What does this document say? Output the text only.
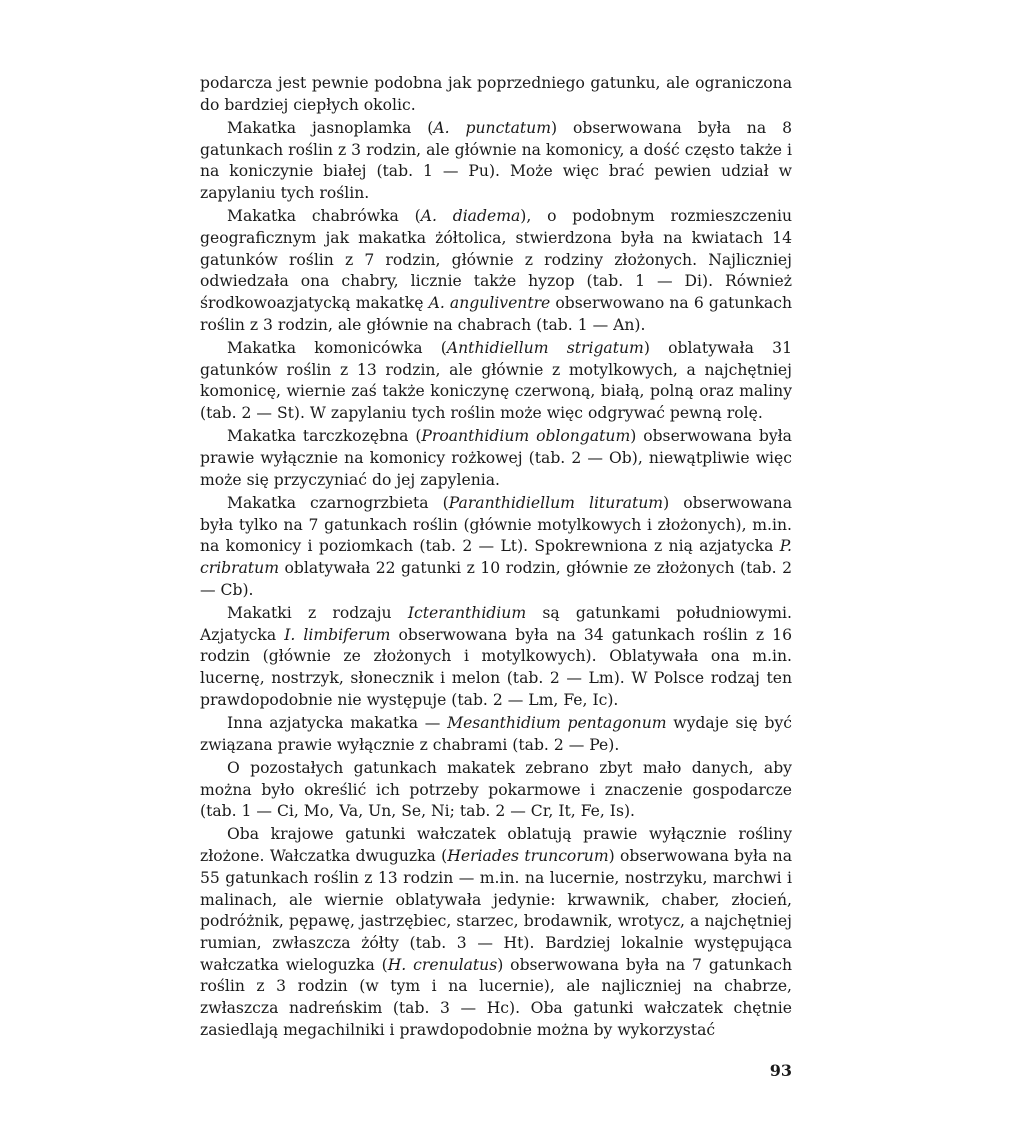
podarcza jest pewnie podobna jak poprzedniego gatunku, ale ograniczona do bardziej ciepłych okolic.

Makatka jasnoplamka (A. punctatum) obserwowana była na 8 gatunkach roślin z 3 rodzin, ale głównie na komonicy, a dość często także i na koniczynie białej (tab. 1 — Pu). Może więc brać pewien udział w zapylaniu tych roślin.

Makatka chabrówka (A. diadema), o podobnym rozmieszczeniu geograficznym jak makatka żółtolica, stwierdzona była na kwiatach 14 gatunków roślin z 7 rodzin, głównie z rodziny złożonych. Najliczniej odwiedzała ona chabry, licznie także hyzop (tab. 1 — Di). Również środkowoazjatycką makatkę A. anguliventre obserwowano na 6 gatunkach roślin z 3 rodzin, ale głównie na chabrach (tab. 1 — An).

Makatka komonicówka (Anthidiellum strigatum) oblatywała 31 gatunków roślin z 13 rodzin, ale głównie z motylkowych, a najchętniej komonicę, wiernie zaś także koniczynę czerwoną, białą, polną oraz maliny (tab. 2 — St). W zapylaniu tych roślin może więc odgrywać pewną rolę.

Makatka tarczkozębna (Proanthidium oblongatum) obserwowana była prawie wyłącznie na komonicy rożkowej (tab. 2 — Ob), niewątpliwie więc może się przyczyniać do jej zapylenia.

Makatka czarnogrzbieta (Paranthidiellum lituratum) obserwowana była tylko na 7 gatunkach roślin (głównie motylkowych i złożonych), m.in. na komonicy i poziomkach (tab. 2 — Lt). Spokrewniona z nią azjatycka P. cribratum oblatywała 22 gatunki z 10 rodzin, głównie ze złożonych (tab. 2 — Cb).

Makatki z rodzaju Icteranthidium są gatunkami południowymi. Azjatycka I. limbiferum obserwowana była na 34 gatunkach roślin z 16 rodzin (głównie ze złożonych i motylkowych). Oblatywała ona m.in. lucernę, nostrzyk, słonecznik i melon (tab. 2 — Lm). W Polsce rodzaj ten prawdopodobnie nie występuje (tab. 2 — Lm, Fe, Ic).

Inna azjatycka makatka — Mesanthidium pentagonum wydaje się być związana prawie wyłącznie z chabrami (tab. 2 — Pe).

O pozostałych gatunkach makatek zebrano zbyt mało danych, aby można było określić ich potrzeby pokarmowe i znaczenie gospodarcze (tab. 1 — Ci, Mo, Va, Un, Se, Ni; tab. 2 — Cr, It, Fe, Is).

Oba krajowe gatunki wałczatek oblatują prawie wyłącznie rośliny złożone. Wałczatka dwuguzka (Heriades truncorum) obserwowana była na 55 gatunkach roślin z 13 rodzin — m.in. na lucernie, nostrzyku, marchwi i malinach, ale wiernie oblatywała jedynie: krwawnik, chaber, złocień, podróżnik, pępawę, jastrzębiec, starzec, brodawnik, wrotycz, a najchętniej rumian, zwłaszcza żółty (tab. 3 — Ht). Bardziej lokalnie występująca wałczatka wieloguzka (H. crenulatus) obserwowana była na 7 gatunkach roślin z 3 rodzin (w tym i na lucernie), ale najliczniej na chabrze, zwłaszcza nadreńskim (tab. 3 — Hc). Oba gatunki wałczatek chętnie zasiedlają megachilniki i prawdopodobnie można by wykorzystać

93
